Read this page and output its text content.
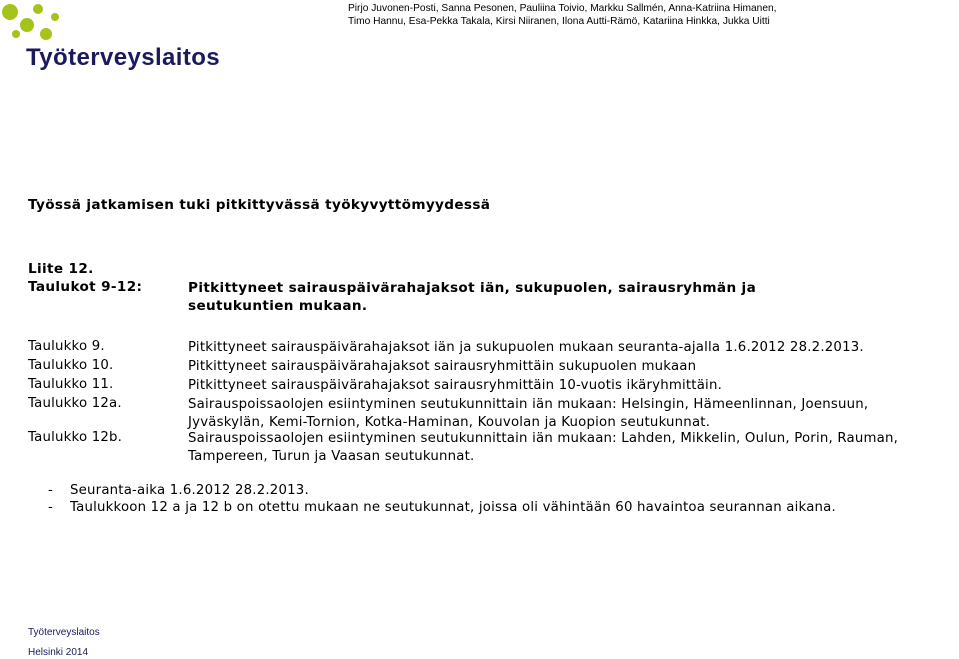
Pirjo Juvonen-Posti, Sanna Pesonen, Pauliina Toivio, Markku Sallmén, Anna-Katriina Himanen,
Timo Hannu, Esa-Pekka Takala, Kirsi Niiranen, Ilona Autti-Rämö, Katariina Hinkka, Jukka Uitti
Työterveyslaitos
Työssä jatkamisen tuki pitkittyvässä työkyvyttömyydessä
Liite 12.
Taulukot 9-12:	Pitkittyneet sairauspäivärahajaksot iän, sukupuolen, sairausryhmän ja seutukuntien mukaan.
Taulukko 9.	Pitkittyneet sairauspäivärahajaksot iän ja sukupuolen mukaan seuranta-ajalla 1.6.2012 28.2.2013.
Taulukko 10.	Pitkittyneet sairauspäivärahajaksot sairausryhmittäin sukupuolen mukaan
Taulukko 11.	Pitkittyneet sairauspäivärahajaksot sairausryhmittäin 10-vuotis ikäryhmittäin.
Taulukko 12a.	Sairauspoissaolojen esiintyminen seutukunnittain iän mukaan: Helsingin, Hämeenlinnan, Joensuun,
Jyväskylän, Kemi-Tornion, Kotka-Haminan, Kouvolan ja Kuopion seutukunnat.
Taulukko 12b.	Sairauspoissaolojen esiintyminen seutukunnittain iän mukaan: Lahden, Mikkelin, Oulun, Porin, Rauman,
Tampereen, Turun ja Vaasan seutukunnat.
- Seuranta-aika 1.6.2012 28.2.2013.
- Taulukkoon 12 a ja 12 b on otettu mukaan ne seutukunnat, joissa oli vähintään 60 havaintoa seurannan aikana.
Työterveyslaitos
Helsinki 2014
